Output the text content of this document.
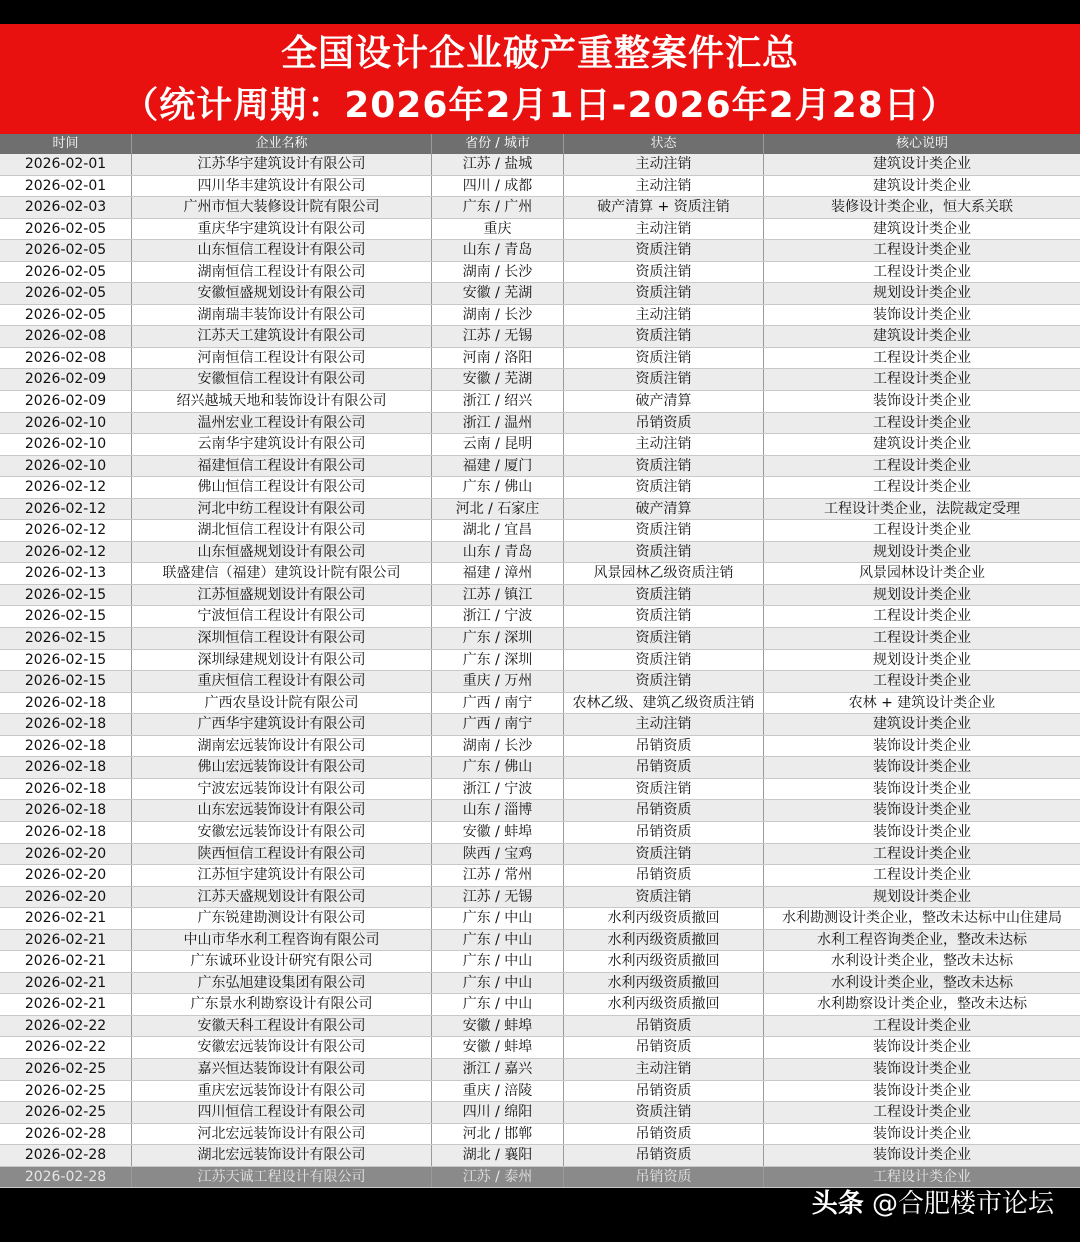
全国设计企业破产重整案件汇总
（统计周期：2026年2月1日-2026年2月28日）
时间	企业名称	省份 / 城市	状态	核心说明
2026-02-01	江苏华宇建筑设计有限公司	江苏 / 盐城	主动注销	建筑设计类企业
2026-02-01	四川华丰建筑设计有限公司	四川 / 成都	主动注销	建筑设计类企业
2026-02-03	广州市恒大装修设计院有限公司	广东 / 广州	破产清算 + 资质注销	装修设计类企业，恒大系关联
2026-02-05	重庆华宇建筑设计有限公司	重庆	主动注销	建筑设计类企业
2026-02-05	山东恒信工程设计有限公司	山东 / 青岛	资质注销	工程设计类企业
2026-02-05	湖南恒信工程设计有限公司	湖南 / 长沙	资质注销	工程设计类企业
2026-02-05	安徽恒盛规划设计有限公司	安徽 / 芜湖	资质注销	规划设计类企业
2026-02-05	湖南瑞丰装饰设计有限公司	湖南 / 长沙	主动注销	装饰设计类企业
2026-02-08	江苏天工建筑设计有限公司	江苏 / 无锡	资质注销	建筑设计类企业
2026-02-08	河南恒信工程设计有限公司	河南 / 洛阳	资质注销	工程设计类企业
2026-02-09	安徽恒信工程设计有限公司	安徽 / 芜湖	资质注销	工程设计类企业
2026-02-09	绍兴越城天地和装饰设计有限公司	浙江 / 绍兴	破产清算	装饰设计类企业
2026-02-10	温州宏业工程设计有限公司	浙江 / 温州	吊销资质	工程设计类企业
2026-02-10	云南华宇建筑设计有限公司	云南 / 昆明	主动注销	建筑设计类企业
2026-02-10	福建恒信工程设计有限公司	福建 / 厦门	资质注销	工程设计类企业
2026-02-12	佛山恒信工程设计有限公司	广东 / 佛山	资质注销	工程设计类企业
2026-02-12	河北中纺工程设计有限公司	河北 / 石家庄	破产清算	工程设计类企业，法院裁定受理
2026-02-12	湖北恒信工程设计有限公司	湖北 / 宜昌	资质注销	工程设计类企业
2026-02-12	山东恒盛规划设计有限公司	山东 / 青岛	资质注销	规划设计类企业
2026-02-13	联盛建信（福建）建筑设计院有限公司	福建 / 漳州	风景园林乙级资质注销	风景园林设计类企业
2026-02-15	江苏恒盛规划设计有限公司	江苏 / 镇江	资质注销	规划设计类企业
2026-02-15	宁波恒信工程设计有限公司	浙江 / 宁波	资质注销	工程设计类企业
2026-02-15	深圳恒信工程设计有限公司	广东 / 深圳	资质注销	工程设计类企业
2026-02-15	深圳绿建规划设计有限公司	广东 / 深圳	资质注销	规划设计类企业
2026-02-15	重庆恒信工程设计有限公司	重庆 / 万州	资质注销	工程设计类企业
2026-02-18	广西农垦设计院有限公司	广西 / 南宁	农林乙级、建筑乙级资质注销	农林 + 建筑设计类企业
2026-02-18	广西华宇建筑设计有限公司	广西 / 南宁	主动注销	建筑设计类企业
2026-02-18	湖南宏远装饰设计有限公司	湖南 / 长沙	吊销资质	装饰设计类企业
2026-02-18	佛山宏远装饰设计有限公司	广东 / 佛山	吊销资质	装饰设计类企业
2026-02-18	宁波宏远装饰设计有限公司	浙江 / 宁波	资质注销	装饰设计类企业
2026-02-18	山东宏远装饰设计有限公司	山东 / 淄博	吊销资质	装饰设计类企业
2026-02-18	安徽宏远装饰设计有限公司	安徽 / 蚌埠	吊销资质	装饰设计类企业
2026-02-20	陕西恒信工程设计有限公司	陕西 / 宝鸡	资质注销	工程设计类企业
2026-02-20	江苏恒宇建筑设计有限公司	江苏 / 常州	吊销资质	工程设计类企业
2026-02-20	江苏天盛规划设计有限公司	江苏 / 无锡	资质注销	规划设计类企业
2026-02-21	广东锐建勘测设计有限公司	广东 / 中山	水利丙级资质撤回	水利勘测设计类企业，整改未达标中山住建局
2026-02-21	中山市华水利工程咨询有限公司	广东 / 中山	水利丙级资质撤回	水利工程咨询类企业，整改未达标
2026-02-21	广东诚环业设计研究有限公司	广东 / 中山	水利丙级资质撤回	水利设计类企业，整改未达标
2026-02-21	广东弘旭建设集团有限公司	广东 / 中山	水利丙级资质撤回	水利设计类企业，整改未达标
2026-02-21	广东景水利勘察设计有限公司	广东 / 中山	水利丙级资质撤回	水利勘察设计类企业，整改未达标
2026-02-22	安徽天科工程设计有限公司	安徽 / 蚌埠	吊销资质	工程设计类企业
2026-02-22	安徽宏远装饰设计有限公司	安徽 / 蚌埠	吊销资质	装饰设计类企业
2026-02-25	嘉兴恒达装饰设计有限公司	浙江 / 嘉兴	主动注销	装饰设计类企业
2026-02-25	重庆宏远装饰设计有限公司	重庆 / 涪陵	吊销资质	装饰设计类企业
2026-02-25	四川恒信工程设计有限公司	四川 / 绵阳	资质注销	工程设计类企业
2026-02-28	河北宏远装饰设计有限公司	河北 / 邯郸	吊销资质	装饰设计类企业
2026-02-28	湖北宏远装饰设计有限公司	湖北 / 襄阳	吊销资质	装饰设计类企业
2026-02-28	江苏天诚工程设计有限公司	江苏 / 泰州	吊销资质	工程设计类企业
头条 @合肥楼市论坛
